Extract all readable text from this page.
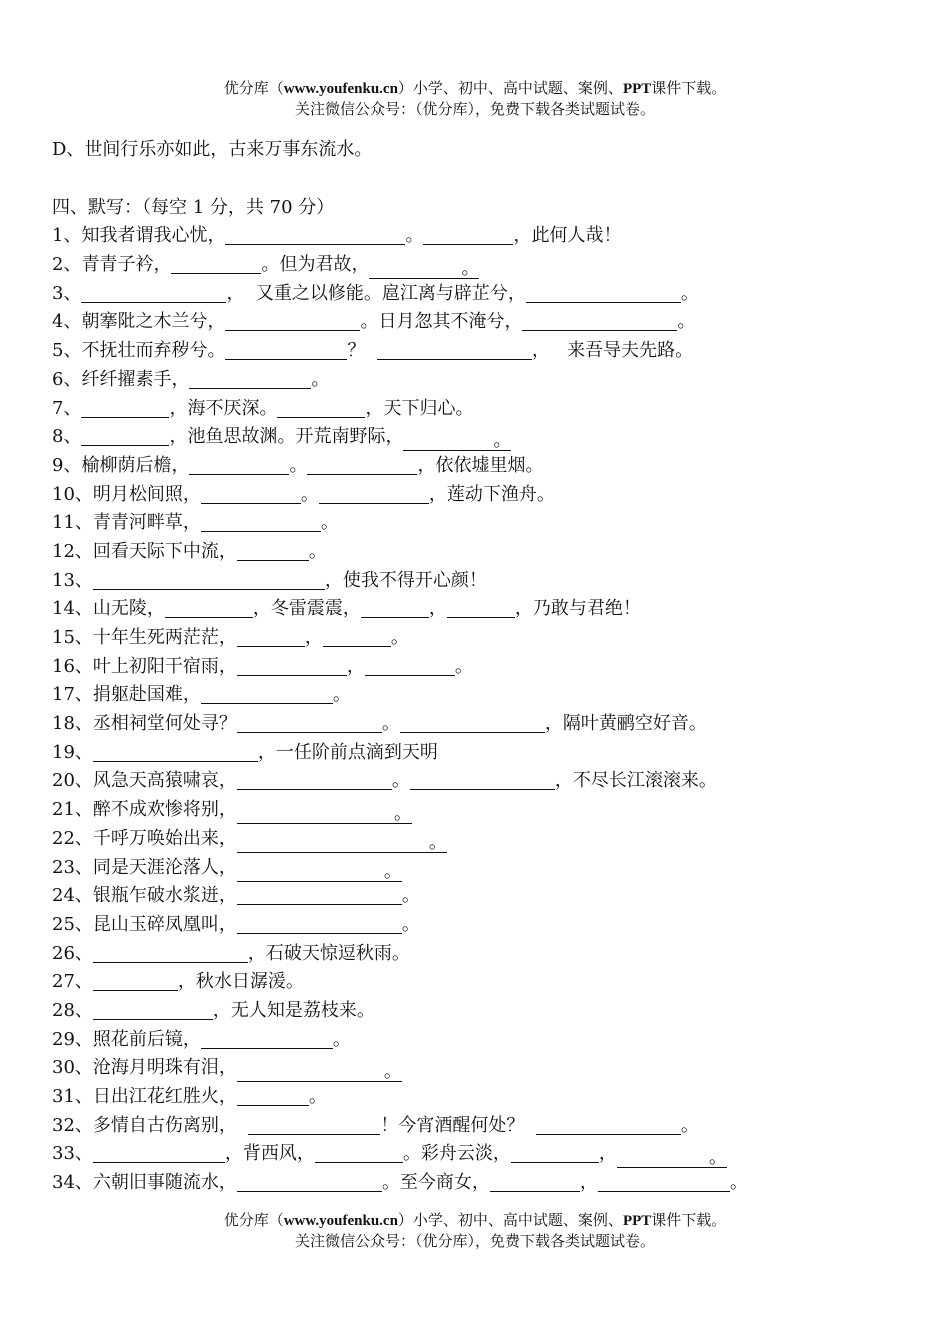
优分库（www.youfenku.cn）小学、初中、高中试题、案例、PPT课件下载。
关注微信公众号：（优分库），免费下载各类试题试卷。
D、世间行乐亦如此，古来万事东流水。
四、默写：（每空 1 分，共 70 分）
1、知我者谓我心忧，	。	，此何人哉！
2、青青子衿，	。但为君故，	。
3、	，  又重之以修能。扈江离与辟芷兮，	。
4、朝搴阰之木兰兮，	。日月忽其不淹兮，	。
5、不抚壮而弃秽兮。	？	，   来吾导夫先路。
6、纤纤擢素手，	。
7、	，海不厌深。	，天下归心。
8、	，池鱼思故渊。开荒南野际，	。
9、榆柳荫后檐，	。	，依依墟里烟。
10、明月松间照，	。	，莲动下渔舟。
11、青青河畔草，	。
12、回看天际下中流，	。
13、	，使我不得开心颜！
14、山无陵，	，冬雷震震，	，	，乃敢与君绝！
15、十年生死两茫茫，	，	。
16、叶上初阳干宿雨，	，	。
17、捐躯赴国难，	。
18、丞相祠堂何处寻？	。	，隔叶黄鹂空好音。
19、	，一任阶前点滴到天明
20、风急天高猿啸哀，	。	，不尽长江滚滚来。
21、醉不成欢惨将别，	。
22、千呼万唤始出来，	。
23、同是天涯沦落人，	。
24、银瓶乍破水浆迸，	。
25、昆山玉碎凤凰叫，	。
26、	，石破天惊逗秋雨。
27、	，秋水日潺湲。
28、	，无人知是荔枝来。
29、照花前后镜，	。
30、沧海月明珠有泪，	。
31、日出江花红胜火，	。
32、多情自古伤离别，	！今宵酒醒何处？	。
33、	，背西风，	。彩舟云淡，	，	。
34、六朝旧事随流水，	。至今商女，	，	。
优分库（www.youfenku.cn）小学、初中、高中试题、案例、PPT课件下载。
关注微信公众号：（优分库），免费下载各类试题试卷。
